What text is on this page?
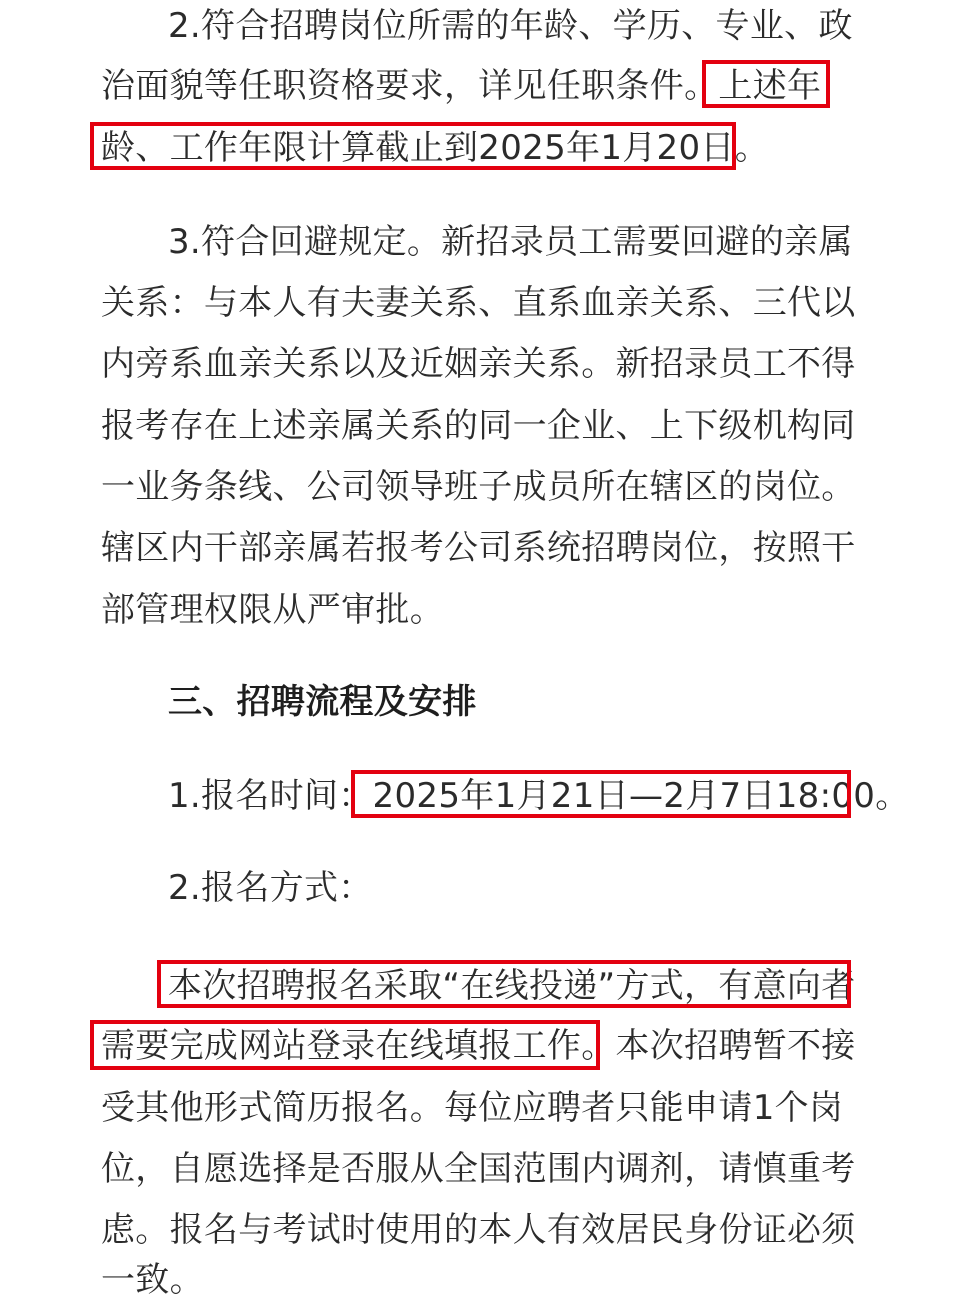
2.符合招聘岗位所需的年龄、学历、专业、政
治面貌等任职资格要求，详见任职条件。上述年
龄、工作年限计算截止到2025年1月20日。
3.符合回避规定。新招录员工需要回避的亲属
关系：与本人有夫妻关系、直系血亲关系、三代以
内旁系血亲关系以及近姻亲关系。新招录员工不得
报考存在上述亲属关系的同一企业、上下级机构同
一业务条线、公司领导班子成员所在辖区的岗位。
辖区内干部亲属若报考公司系统招聘岗位，按照干
部管理权限从严审批。
三、招聘流程及安排
1.报名时间：2025年1月21日—2月7日18:00。
2.报名方式：
本次招聘报名采取“在线投递”方式，有意向者
需要完成网站登录在线填报工作。本次招聘暂不接
受其他形式简历报名。每位应聘者只能申请1个岗
位，自愿选择是否服从全国范围内调剂，请慎重考
虑。报名与考试时使用的本人有效居民身份证必须
一致。
